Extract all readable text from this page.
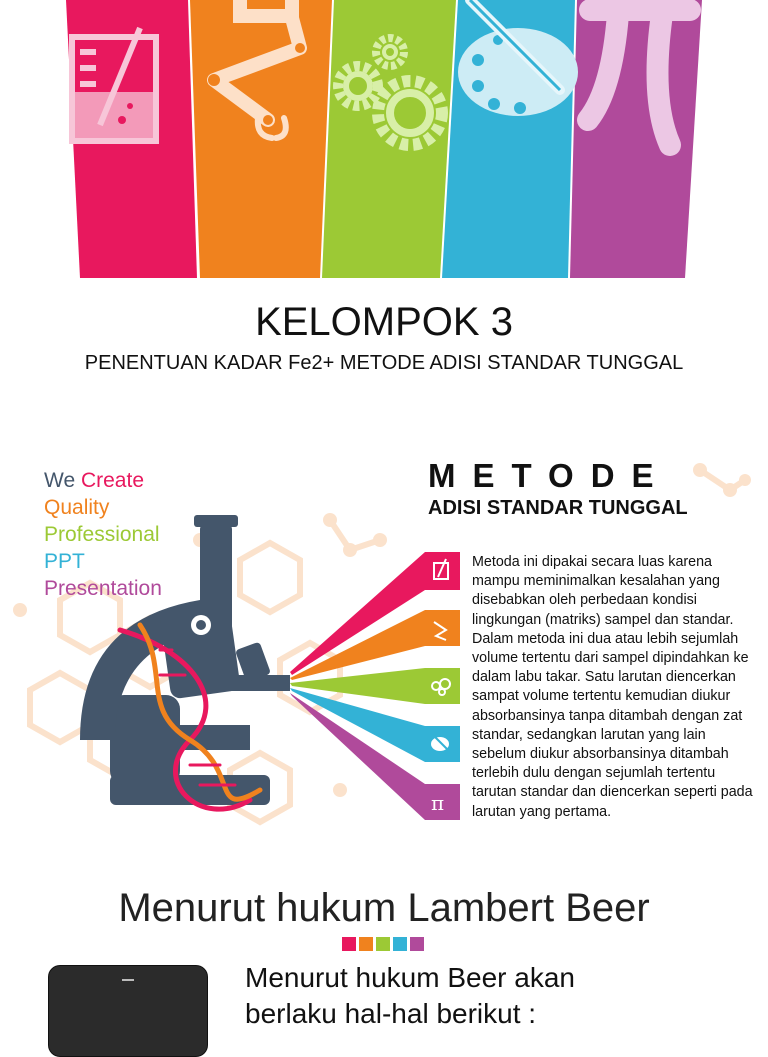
KELOMPOK 3
PENENTUAN KADAR Fe2+ METODE ADISI STANDAR TUNGGAL
π
We Create
Quality
Professional
PPT
Presentation
METODE
ADISI STANDAR TUNGGAL
Metoda ini dipakai secara luas karena mampu meminimalkan kesalahan yang disebabkan oleh perbedaan kondisi lingkungan (matriks) sampel dan standar. Dalam metoda ini dua atau lebih sejumlah volume tertentu dari sampel dipindahkan ke dalam labu takar. Satu larutan diencerkan sampat volume tertentu kemudian diukur absorbansinya tanpa ditambah dengan zat standar, sedangkan larutan yang lain sebelum diukur absorbansinya ditambah terlebih dulu dengan sejumlah tertentu tarutan standar dan diencerkan seperti pada larutan yang pertama.
Menurut hukum Lambert Beer
Menurut hukum Beer akan berlaku hal-hal berikut :
